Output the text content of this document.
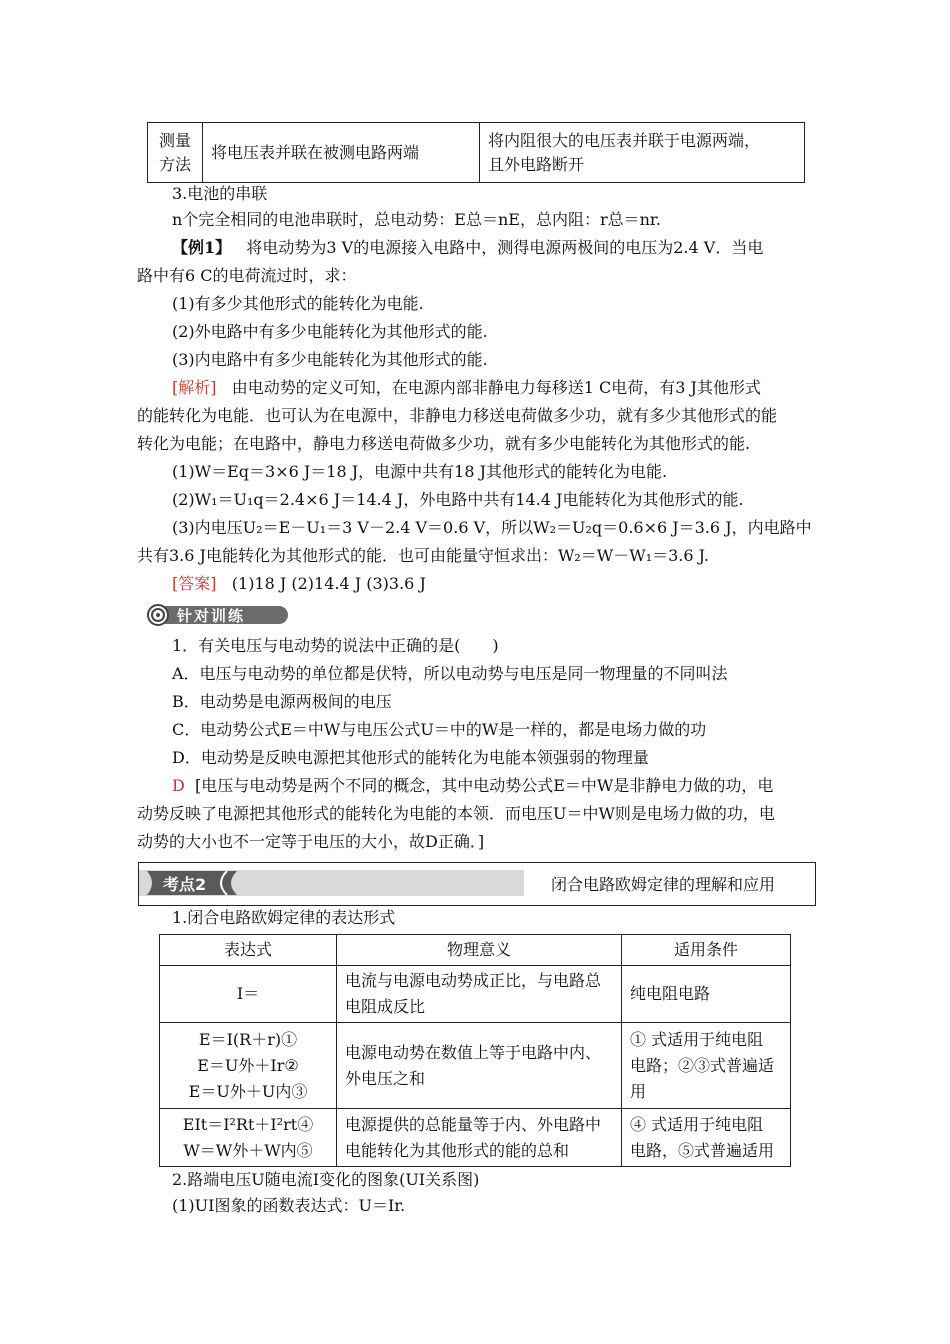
测量
方法	将电压表并联在被测电路两端	将内阻很大的电压表并联于电源两端，
且外电路断开
3.电池的串联
n个完全相同的电池串联时，总电动势：E总＝nE，总内阻：r总＝nr.
【例1】 将电动势为3 V的电源接入电路中，测得电源两极间的电压为2.4 V．当电
路中有6 C的电荷流过时，求：
(1)有多少其他形式的能转化为电能.
(2)外电路中有多少电能转化为其他形式的能.
(3)内电路中有多少电能转化为其他形式的能.
[解析] 由电动势的定义可知，在电源内部非静电力每移送1 C电荷，有3 J其他形式
的能转化为电能．也可认为在电源中，非静电力移送电荷做多少功，就有多少其他形式的能
转化为电能；在电路中，静电力移送电荷做多少功，就有多少电能转化为其他形式的能.
(1)W＝Eq＝3×6 J＝18 J，电源中共有18 J其他形式的能转化为电能.
(2)W₁＝U₁q＝2.4×6 J＝14.4 J，外电路中共有14.4 J电能转化为其他形式的能.
(3)内电压U₂＝E－U₁＝3 V－2.4 V＝0.6 V，所以W₂＝U₂q＝0.6×6 J＝3.6 J，内电路中
共有3.6 J电能转化为其他形式的能．也可由能量守恒求出：W₂＝W－W₁＝3.6 J.
[答案] (1)18 J (2)14.4 J (3)3.6 J
针对训练
1．有关电压与电动势的说法中正确的是(　　)
A．电压与电动势的单位都是伏特，所以电动势与电压是同一物理量的不同叫法
B．电动势是电源两极间的电压
C．电动势公式E＝中W与电压公式U＝中的W是一样的，都是电场力做的功
D．电动势是反映电源把其他形式的能转化为电能本领强弱的物理量
D [电压与电动势是两个不同的概念，其中电动势公式E＝中W是非静电力做的功，电
动势反映了电源把其他形式的能转化为电能的本领．而电压U＝中W则是电场力做的功，电
动势的大小也不一定等于电压的大小，故D正确．]
考点2	闭合电路欧姆定律的理解和应用
1.闭合电路欧姆定律的表达形式
表达式	物理意义	适用条件
I＝	电流与电源电动势成正比，与电路总
电阻成反比	纯电阻电路
E＝I(R＋r)①
E＝U外＋Ir②
E＝U外＋U内③	电源电动势在数值上等于电路中内、
外电压之和	① 式适用于纯电阻
电路；②③式普遍适
用
EIt＝I²Rt＋I²rt④
W＝W外＋W内⑤	电源提供的总能量等于内、外电路中
电能转化为其他形式的能的总和	④ 式适用于纯电阻
电路，⑤式普遍适用
2.路端电压U随电流I变化的图象(UI关系图)
(1)UI图象的函数表达式：U＝Ir.
